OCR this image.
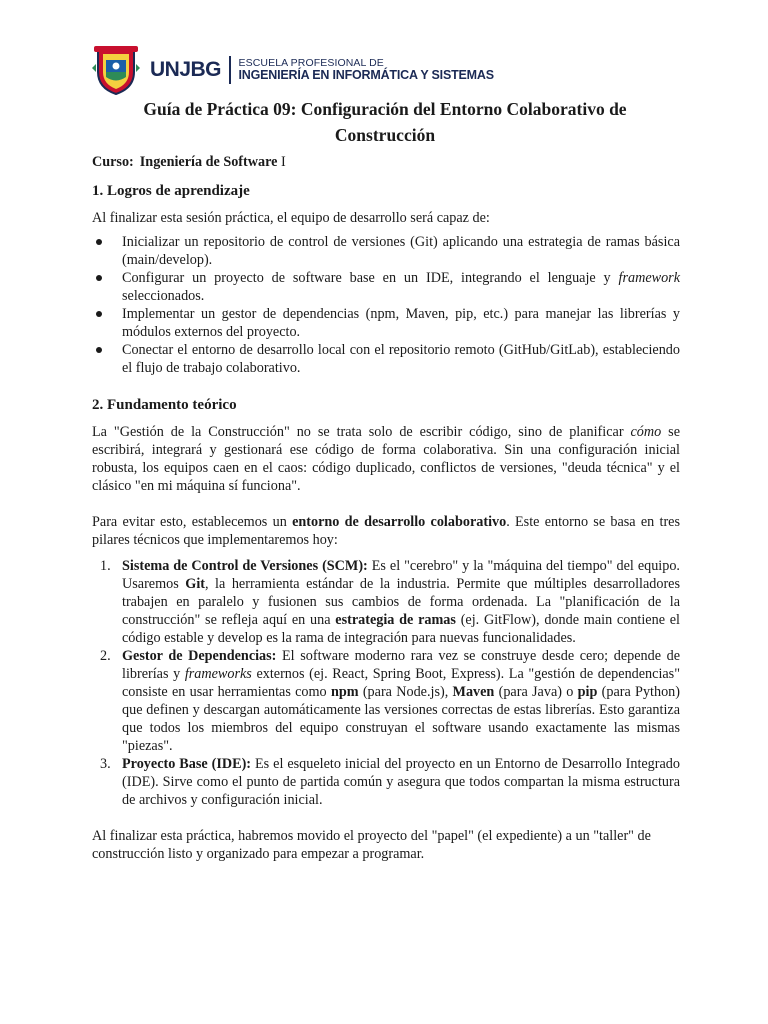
UNJBG ESCUELA PROFESIONAL DE
INGENIERÍA EN INFORMÁTICA Y SISTEMAS
Guía de Práctica 09: Configuración del Entorno Colaborativo de Construcción
Curso: Ingeniería de Software I
1. Logros de aprendizaje

Al finalizar esta sesión práctica, el equipo de desarrollo será capaz de:

Inicializar un repositorio de control de versiones (Git) aplicando una estrategia de ramas básica (main/develop).
Configurar un proyecto de software base en un IDE, integrando el lenguaje y framework seleccionados.
Implementar un gestor de dependencias (npm, Maven, pip, etc.) para manejar las librerías y módulos externos del proyecto.
Conectar el entorno de desarrollo local con el repositorio remoto (GitHub/GitLab), estableciendo el flujo de trabajo colaborativo.
2. Fundamento teórico

La "Gestión de la Construcción" no se trata solo de escribir código, sino de planificar cómo se escribirá, integrará y gestionará ese código de forma colaborativa. Sin una configuración inicial robusta, los equipos caen en el caos: código duplicado, conflictos de versiones, "deuda técnica" y el clásico "en mi máquina sí funciona".

Para evitar esto, establecemos un entorno de desarrollo colaborativo. Este entorno se basa en tres pilares técnicos que implementaremos hoy:

1. Sistema de Control de Versiones (SCM): Es el "cerebro" y la "máquina del tiempo" del equipo. Usaremos Git, la herramienta estándar de la industria. Permite que múltiples desarrolladores trabajen en paralelo y fusionen sus cambios de forma ordenada. La "planificación de la construcción" se refleja aquí en una estrategia de ramas (ej. GitFlow), donde main contiene el código estable y develop es la rama de integración para nuevas funcionalidades.
2. Gestor de Dependencias: El software moderno rara vez se construye desde cero; depende de librerías y frameworks externos (ej. React, Spring Boot, Express). La "gestión de dependencias" consiste en usar herramientas como npm (para Node.js), Maven (para Java) o pip (para Python) que definen y descargan automáticamente las versiones correctas de estas librerías. Esto garantiza que todos los miembros del equipo construyan el software usando exactamente las mismas "piezas".
3. Proyecto Base (IDE): Es el esqueleto inicial del proyecto en un Entorno de Desarrollo Integrado (IDE). Sirve como el punto de partida común y asegura que todos compartan la misma estructura de archivos y configuración inicial.

Al finalizar esta práctica, habremos movido el proyecto del "papel" (el expediente) a un "taller" de construcción listo y organizado para empezar a programar.
